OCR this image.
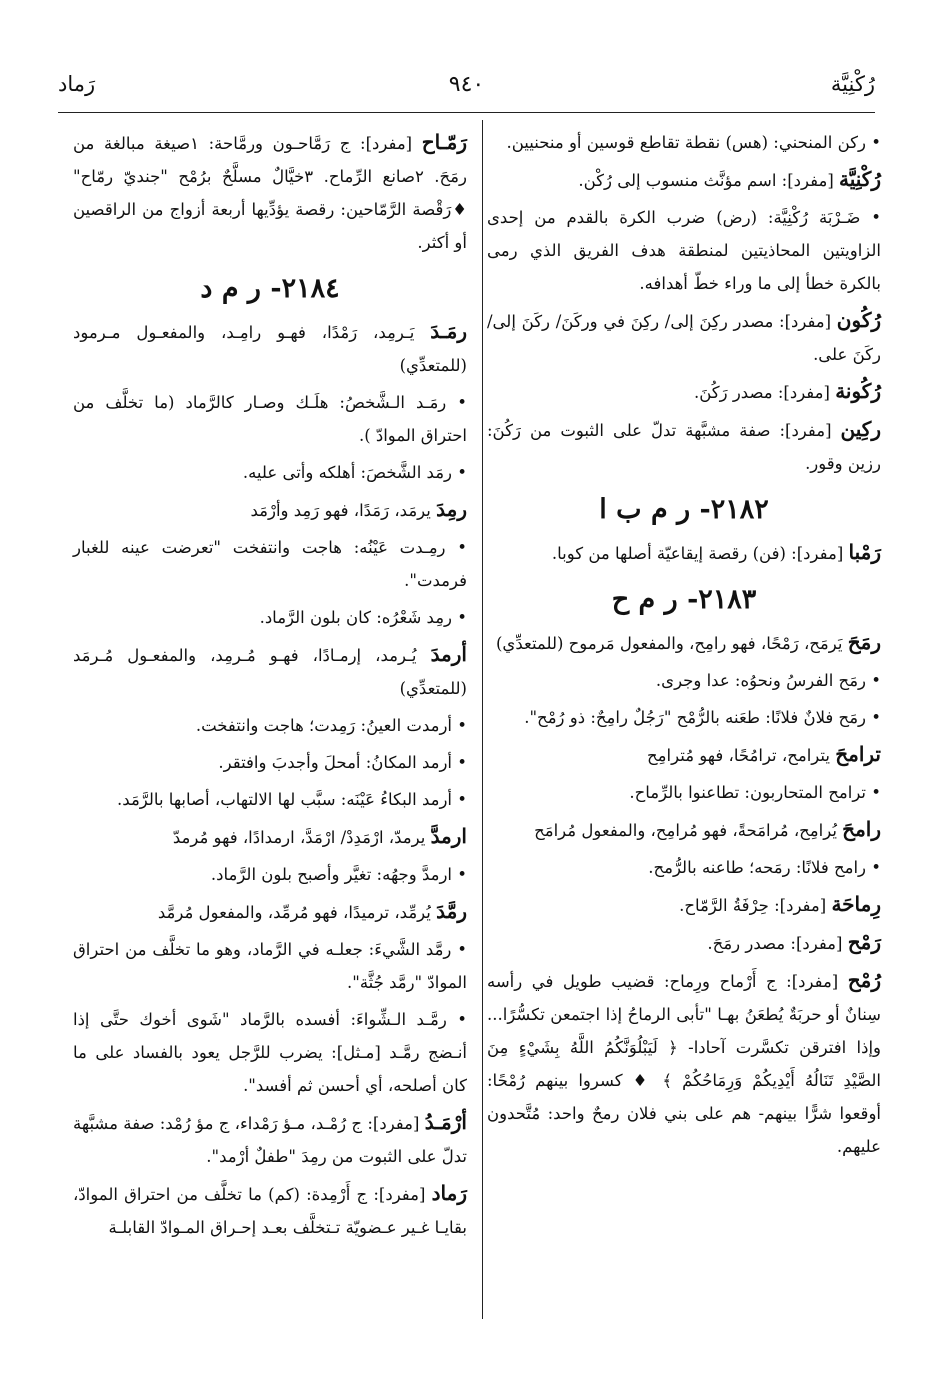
رُكْنِيَّة
٩٤٠
رَماد

• ركن المنحني: (هس) نقطة تقاطع قوسين أو منحنيين.

رُكْنِيَّة [مفرد]: اسم مؤنَّث منسوب إلى رُكْن.

• ضَـرْبَة رُكْنِيَّة: (رض) ضرب الكرة بالقدم من إحدى الزاويتين المحاذيتين لمنطقة هدف الفريق الذي رمى بالكرة خطأ إلى ما وراء خطّ أهدافه.

رُكُون [مفرد]: مصدر ركِنَ إلى/ ركِنَ في وركَنَ/ ركَنَ إلى/ ركَنَ على.

رُكُونة [مفرد]: مصدر رَكُنَ.

ركِين [مفرد]: صفة مشبَّهة تدلّ على الثبوت من رَكُنَ: رزين وقور.

٢١٨٢- ر م ب ا

رَمْبا [مفرد]: (فن) رقصة إيقاعيّة أصلها من كوبا.

٢١٨٣- ر م ح

رمَحَ يَرمَح، رَمْحًا، فهو رامِح، والمفعول مَرموح (للمتعدِّي)

• رمَح الفرسُ ونحوُه: عدا وجرى.

• رمَح فلانٌ فلانًا: طعَنه بالرُّمْح "رَجُلٌ رامِحٌ: ذو رُمْح".

ترامحَ يترامح، ترامُحًا، فهو مُترامِح

• ترامح المتحاربون: تطاعنوا بالرِّماح.

رامحَ يُرامِح، مُرامَحةً، فهو مُرامِح، والمفعول مُرامَح

• رامح فلانًا: رمَحه؛ طاعنه بالرُّمح.

رِماحَة [مفرد]: حِرْفَةُ الرَّمّاح.

رَمْح [مفرد]: مصدر رمَحَ.

رُمْح [مفرد]: ج أَرْماح ورِماح: قضيب طويل في رأسه سِنانٌ أو حربَةٌ يُطعَنُ بهـا "تأبى الرماحُ إذا اجتمعن تكسُّرًا... وإذا افترقن تكسَّرت آحادا- ﴿ لَيَبْلُوَنَّكُمُ اللَّهُ بِشَيْءٍ مِنَ الصَّيْدِ تَنَالُهُ أَيْدِيكُمْ وَرِمَاحُكُمْ ﴾ ♦ كسروا بينهم رُمْحًا: أوقعوا شرًّا بينهم- هم على بني فلان رمحٌ واحد: مُتَّحدون عليهم.

رَمّـاح [مفرد]: ج رَمَّاحـون ورمَّاحة: ١صيغة مبالغة من رمَحَ. ٢صانع الرِّماح. ٣خيَّالٌ مسلَّحٌ برُمْح "جنديّ رمّاح" ♦رَقْصة الرَّمّاحين: رقصة يؤدِّيها أربعة أزواج من الراقصين أو أكثر.

٢١٨٤- ر م د

رمَـدَ يَـرمِد، رَمْدًا، فهـو رامِـد، والمفعـول مـرمود (للمتعدِّي)

• رمَـد الـشَّخصُ: هلَـك وصـار كالرَّماد (ما تخلَّف من احتراق الموادّ ).

• رمَد الشَّخصَ: أهلكه وأتى عليه.

رمِدَ يرمَد، رَمَدًا، فهو رَمِد وأرْمَد

• رمِـدت عَيْنُه: هاجت وانتفخت "تعرضت عينه للغبار فرمدت".

• رمِد شَعْرُه: كان بلون الرَّماد.

أرمدَ يُـرمد، إرمـادًا، فهـو مُـرمِد، والمفعـول مُـرمَد (للمتعدِّي)

• أرمدت العينُ: رَمِدت؛ هاجت وانتفخت.

• أرمد المكانُ: أمحلَ وأجدبَ وافتقر.

• أرمد البكاءُ عَيْنَه: سبَّب لها الالتهاب، أصابها بالرَّمَد.

ارمدَّ يرمدّ، ارْمَدِدْ/ ارْمَدَّ، ارمدادًا، فهو مُرمدّ

• ارمدَّ وجهُه: تغيَّر وأصبح بلون الرَّماد.

رمَّدَ يُرمِّد، ترميدًا، فهو مُرمِّد، والمفعول مُرمَّد

• رمَّد الشَّيءَ: جعلـه في الرَّماد، وهو ما تخلَّف من احتراق الموادّ "رمَّد جُثَّة".

• رمَّـد الـشِّواءَ: أفسده بالرَّماد "شَوى أخوك حتَّى إذا أنـضج رمَّـد [مـثل]: يضرب للرَّجل يعود بالفساد على ما كان أصلحه، أي أحسن ثم أفسد".

أرْمَـدُ [مفرد]: ج رُمْـد، مـؤ رَمْداء، ج مؤ رُمْد: صفة مشبَّهة تدلّ على الثبوت من رمِدَ "طفلٌ أرْمد".

رَماد [مفرد]: ج أَرْمِدة: (كم) ما تخلَّف من احتراق الموادّ، بقايـا غـير عـضويّة تـتخلَّف بعـد إحـراق المـوادّ القابلـة
